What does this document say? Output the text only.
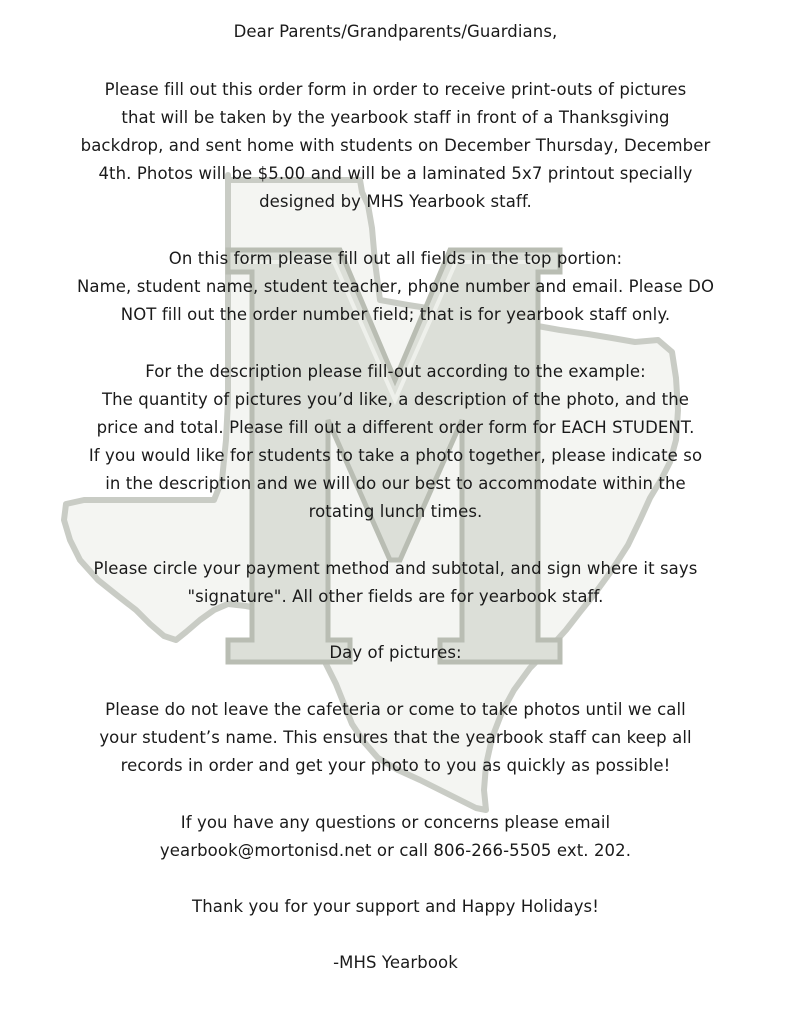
Dear Parents/Grandparents/Guardians,
Please fill out this order form in order to receive print-outs of pictures
that will be taken by the yearbook staff in front of a Thanksgiving
backdrop, and sent home with students on December Thursday, December
4th. Photos will be $5.00 and will be a laminated 5x7 printout specially
designed by MHS Yearbook staff.
On this form please fill out all fields in the top portion:
Name, student name, student teacher, phone number and email. Please DO
NOT fill out the order number field; that is for yearbook staff only.
For the description please fill-out according to the example:
The quantity of pictures you’d like, a description of the photo, and the
price and total. Please fill out a different order form for EACH STUDENT.
If you would like for students to take a photo together, please indicate so
in the description and we will do our best to accommodate within the
rotating lunch times.
Please circle your payment method and subtotal, and sign where it says
"signature". All other fields are for yearbook staff.
Day of pictures:
Please do not leave the cafeteria or come to take photos until we call
your student’s name. This ensures that the yearbook staff can keep all
records in order and get your photo to you as quickly as possible!
If you have any questions or concerns please email
yearbook@mortonisd.net or call 806-266-5505 ext. 202.
Thank you for your support and Happy Holidays!
-MHS Yearbook
